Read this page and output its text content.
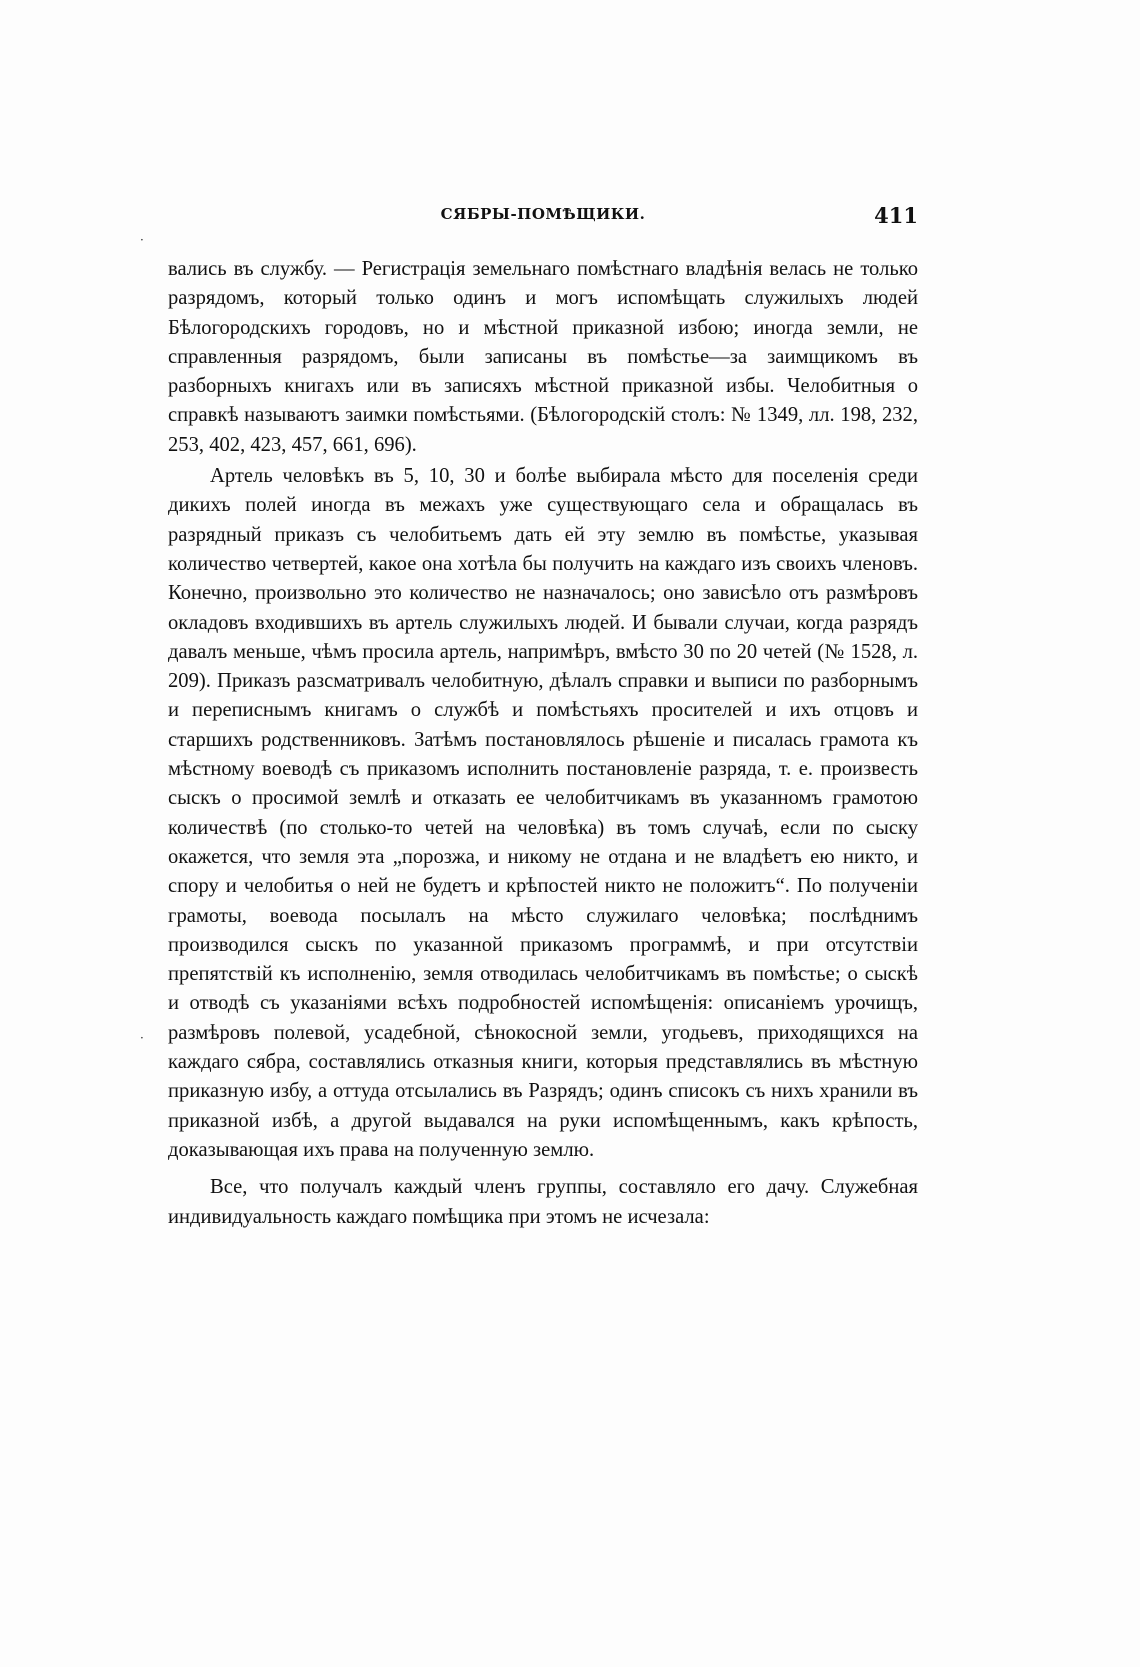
СЯБРЫ-ПОМѢЩИКИ.	411
·
·

вались въ службу. — Регистрація земельнаго помѣстнаго владѣнія велась не только разрядомъ, который только одинъ и могъ испомѣщать служилыхъ людей Бѣлогородскихъ городовъ, но и мѣстной приказной избою; иногда земли, не справленныя разрядомъ, были записаны въ помѣстье—за заимщикомъ въ разборныхъ книгахъ или въ записяхъ мѣстной приказной избы. Челобитныя о справкѣ называютъ заимки помѣстьями. (Бѣлогородскій столъ: № 1349, лл. 198, 232, 253, 402, 423, 457, 661, 696).

Артель человѣкъ въ 5, 10, 30 и болѣе выбирала мѣсто для поселенія среди дикихъ полей иногда въ межахъ уже существующаго села и обращалась въ разрядный приказъ съ челобитьемъ дать ей эту землю въ помѣстье, указывая количество четвертей, какое она хотѣла бы получить на каждаго изъ своихъ членовъ. Конечно, произвольно это количество не назначалось; оно зависѣло отъ размѣровъ окладовъ входившихъ въ артель служилыхъ людей. И бывали случаи, когда разрядъ давалъ меньше, чѣмъ просила артель, напримѣръ, вмѣсто 30 по 20 четей (№ 1528, л. 209). Приказъ разсматривалъ челобитную, дѣлалъ справки и выписи по разборнымъ и переписнымъ книгамъ о службѣ и помѣстьяхъ просителей и ихъ отцовъ и старшихъ родственниковъ. Затѣмъ постановлялось рѣшеніе и писалась грамота къ мѣстному воеводѣ съ приказомъ исполнить постановленіе разряда, т. е. произвесть сыскъ о просимой землѣ и отказать ее челобитчикамъ въ указанномъ грамотою количествѣ (по столько-то четей на человѣка) въ томъ случаѣ, если по сыску окажется, что земля эта „порозжа, и никому не отдана и не владѣетъ ею никто, и спору и челобитья о ней не будетъ и крѣпостей никто не положитъ“. По полученіи грамоты, воевода посылалъ на мѣсто служилаго человѣка; послѣднимъ производился сыскъ по указанной приказомъ программѣ, и при отсутствіи препятствій къ исполненію, земля отводилась челобитчикамъ въ помѣстье; о сыскѣ и отводѣ съ указаніями всѣхъ подробностей испомѣщенія: описаніемъ урочищъ, размѣровъ полевой, усадебной, сѣнокосной земли, угодьевъ, приходящихся на каждаго сябра, составлялись отказныя книги, которыя представлялись въ мѣстную приказную избу, а оттуда отсылались въ Разрядъ; одинъ списокъ съ нихъ хранили въ приказной избѣ, а другой выдавался на руки испомѣщеннымъ, какъ крѣпость, доказывающая ихъ права на полученную землю.

Все, что получалъ каждый членъ группы, составляло его дачу. Служебная индивидуальность каждаго помѣщика при этомъ не исчезала:
